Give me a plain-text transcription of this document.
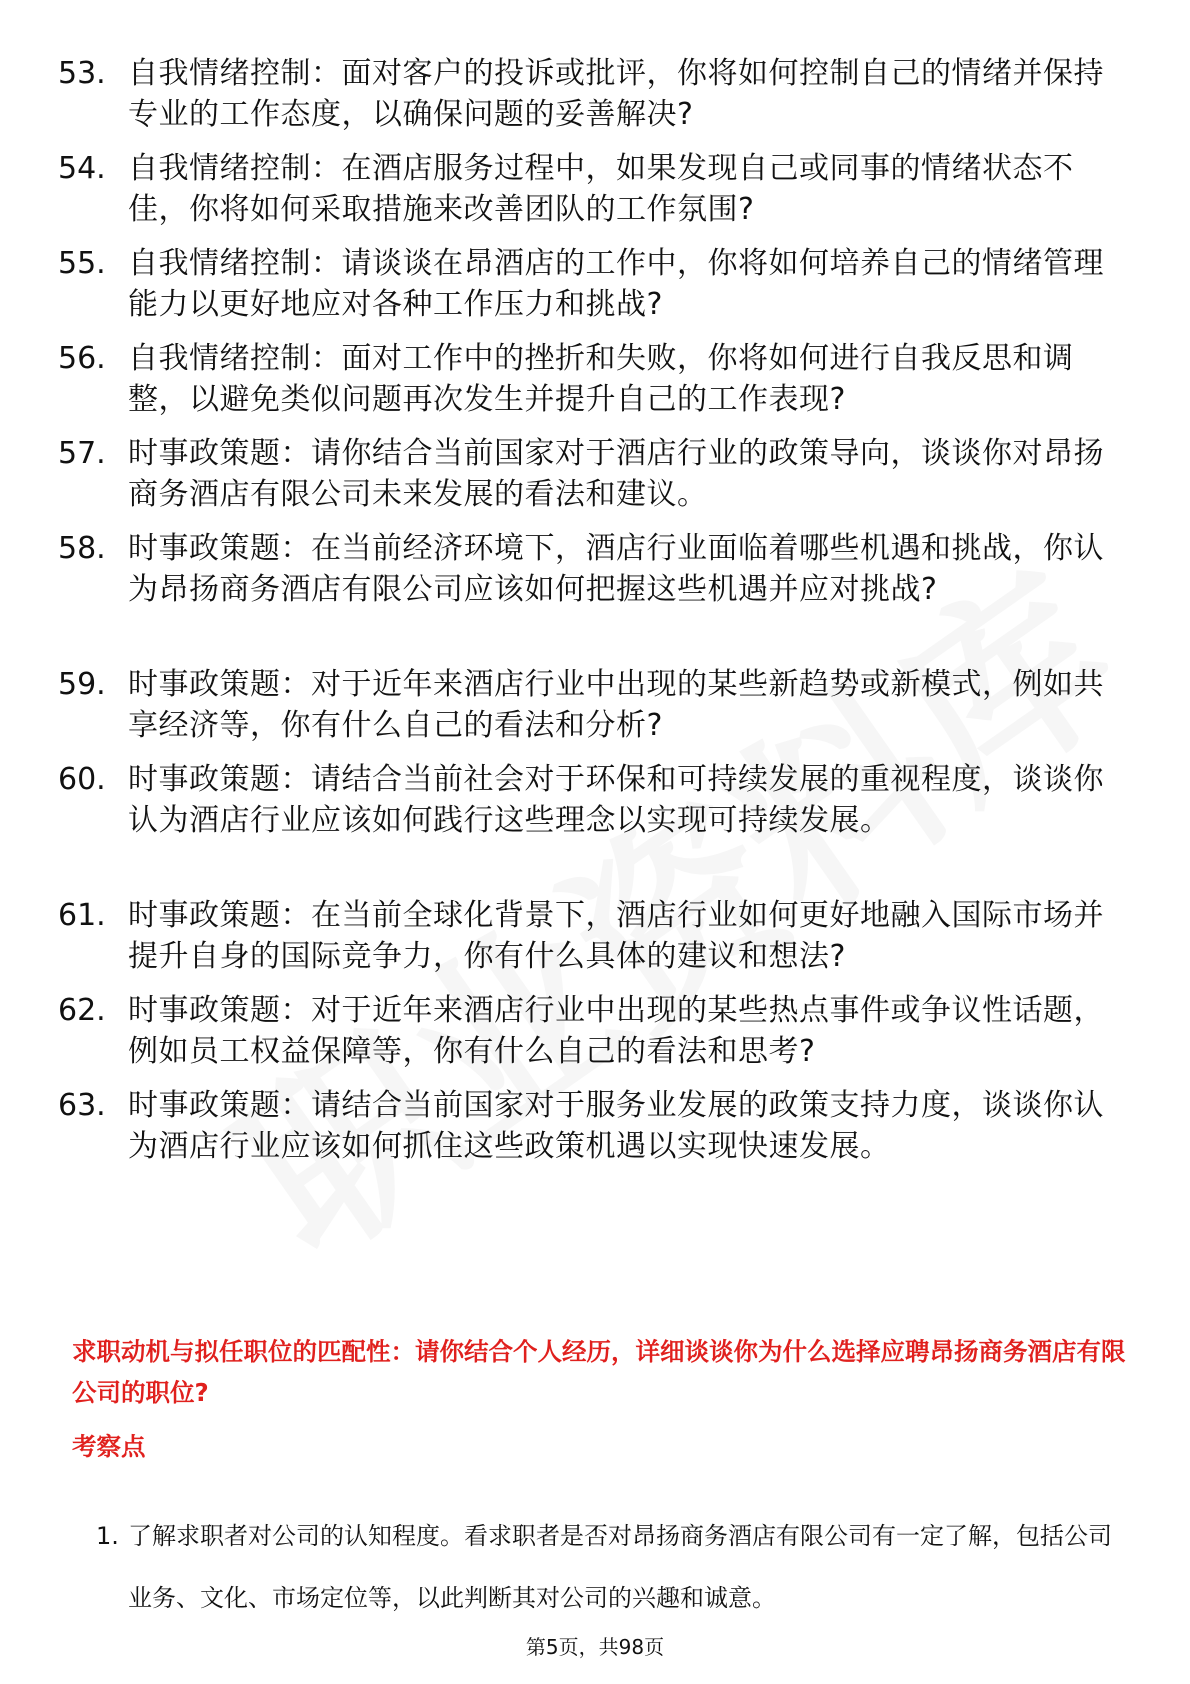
53. 自我情绪控制：面对客户的投诉或批评，你将如何控制自己的情绪并保持专业的工作态度，以确保问题的妥善解决?
54. 自我情绪控制：在酒店服务过程中，如果发现自己或同事的情绪状态不佳，你将如何采取措施来改善团队的工作氛围?
55. 自我情绪控制：请谈谈在昂酒店的工作中，你将如何培养自己的情绪管理能力以更好地应对各种工作压力和挑战?
56. 自我情绪控制：面对工作中的挫折和失败，你将如何进行自我反思和调整，以避免类似问题再次发生并提升自己的工作表现?
57. 时事政策题：请你结合当前国家对于酒店行业的政策导向，谈谈你对昂扬商务酒店有限公司未来发展的看法和建议。
58. 时事政策题：在当前经济环境下，酒店行业面临着哪些机遇和挑战，你认为昂扬商务酒店有限公司应该如何把握这些机遇并应对挑战?
59. 时事政策题：对于近年来酒店行业中出现的某些新趋势或新模式，例如共享经济等，你有什么自己的看法和分析?
60. 时事政策题：请结合当前社会对于环保和可持续发展的重视程度，谈谈你认为酒店行业应该如何践行这些理念以实现可持续发展。
61. 时事政策题：在当前全球化背景下，酒店行业如何更好地融入国际市场并提升自身的国际竞争力，你有什么具体的建议和想法?
62. 时事政策题：对于近年来酒店行业中出现的某些热点事件或争议性话题，例如员工权益保障等，你有什么自己的看法和思考?
63. 时事政策题：请结合当前国家对于服务业发展的政策支持力度，谈谈你认为酒店行业应该如何抓住这些政策机遇以实现快速发展。
求职动机与拟任职位的匹配性：请你结合个人经历，详细谈谈你为什么选择应聘昂扬商务酒店有限公司的职位?
考察点
1. 了解求职者对公司的认知程度。看求职者是否对昂扬商务酒店有限公司有一定了解，包括公司业务、文化、市场定位等，以此判断其对公司的兴趣和诚意。
第5页，共98页
